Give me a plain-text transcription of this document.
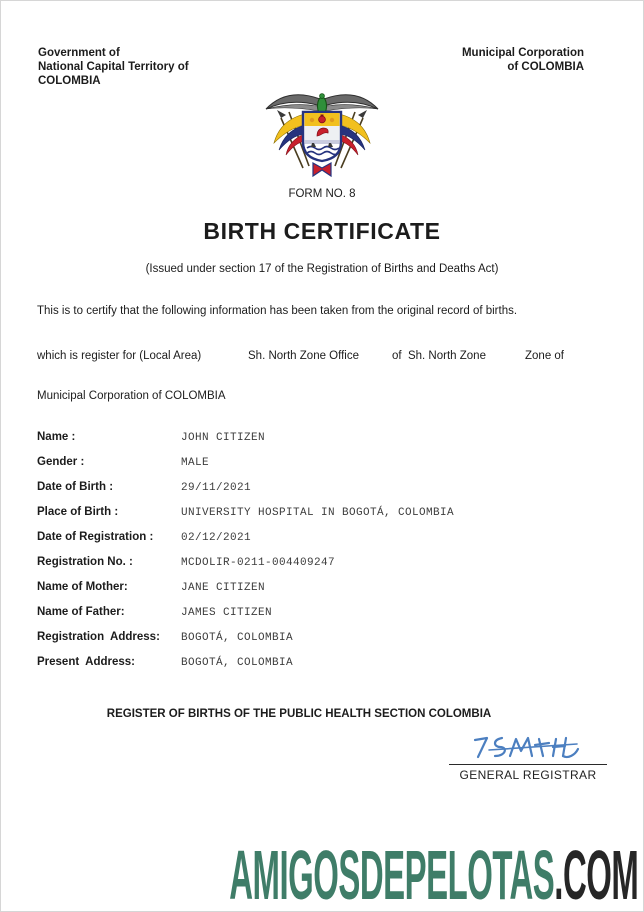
Government of
National Capital Territory of
COLOMBIA
Municipal Corporation
of COLOMBIA
FORM NO. 8
BIRTH CERTIFICATE
(Issued under section 17 of the Registration of Births and Deaths Act)
This is to certify that the following information has been taken from the original record of births.
which is register for (Local Area)	Sh. North Zone Office	of  Sh. North Zone	Zone of
Municipal Corporation of COLOMBIA
Name :	JOHN CITIZEN
Gender :	MALE
Date of Birth :	29/11/2021
Place of Birth :	UNIVERSITY HOSPITAL IN BOGOTÁ, COLOMBIA
Date of Registration :	02/12/2021
Registration No. :	MCDOLIR-0211-004409247
Name of Mother:	JANE CITIZEN
Name of Father:	JAMES CITIZEN
Registration  Address:	BOGOTÁ, COLOMBIA
Present  Address:	BOGOTÁ, COLOMBIA
REGISTER OF BIRTHS OF THE PUBLIC HEALTH SECTION COLOMBIA
GENERAL REGISTRAR
AMIGOSDEPELOTAS.COM
